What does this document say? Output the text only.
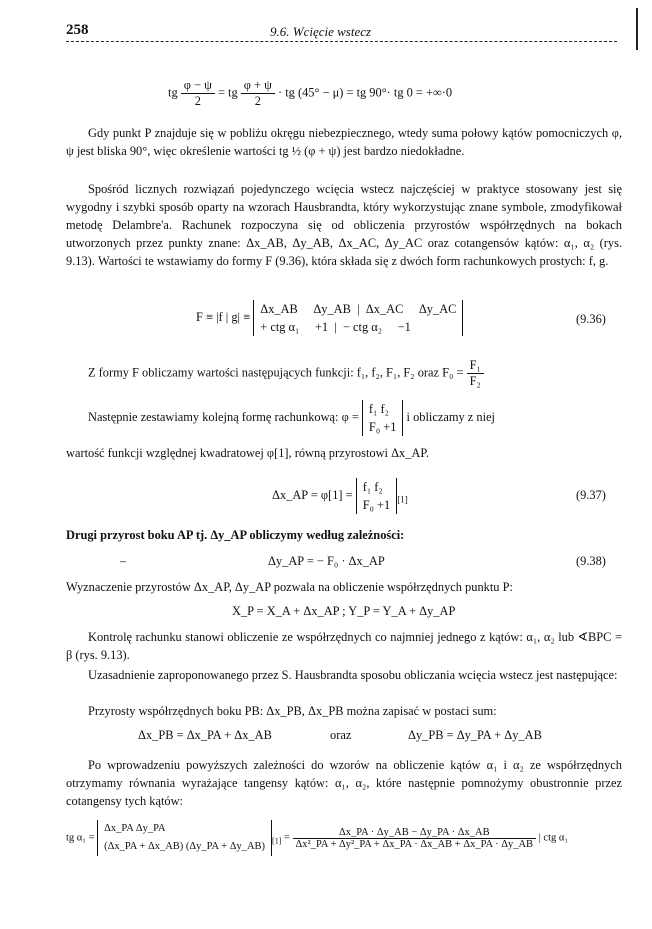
258	9.6. Wcięcie wstecz
tg $\frac{\varphi - \psi}{2}$ = tg $\frac{\varphi + \psi}{2}$ · tg (45° − μ) = tg 90°· tg 0 = +∞·0

Gdy punkt P znajduje się w pobliżu okręgu niebezpiecznego, wtedy suma połowy kątów pomocniczych φ, ψ jest bliska 90°, więc określenie wartości tg ½ (φ + ψ) jest bardzo niedokładne.

Spośród licznych rozwiązań pojedynczego wcięcia wstecz najczęściej w praktyce stosowany jest się wygodny i szybki sposób oparty na wzorach Hausbrandta, który wykorzystując znane symbole, zmodyfikował metodę Delambre'a. Rachunek rozpoczyna się od obliczenia przyrostów współrzędnych na bokach utworzonych przez punkty znane: Δx_AB, Δy_AB, Δx_AC, Δy_AC oraz cotangensów kątów: α₁, α₂ (rys. 9.13). Wartości te wstawiamy do formy F (9.36), która składa się z dwóch form rachunkowych prostych: f, g.

F ≡ |f | g| ≡
Δx_AB Δy_AB  |  Δx_AC Δy_AC
+ ctg α₁ +1  |  − ctg α₂ −1
(9.36)
Z formy F obliczamy wartości następujących funkcji: f₁, f₂, F₁, F₂ oraz $F_0 = \frac{\text{F₁}}{\text{F₂}}$
Następnie zestawiamy kolejną formę rachunkową: φ =
f₁ f₂
F₀ +1
i obliczamy z niej
wartość funkcji względnej kwadratowej φ[1], równą przyrostowi Δx_AP.
Δx_AP = φ[1] =
f₁ f₂
F₀ +1 $_{[1]}$	(9.37)
Drugi przyrost boku AP tj. Δy_AP obliczymy według zależności:
–	Δy_AP = − F₀ · Δx_AP	(9.38)
Wyznaczenie przyrostów Δx_AP, Δy_AP pozwala na obliczenie współrzędnych punktu P:
X_P = X_A + Δx_AP ; Y_P = Y_A + Δy_AP

Kontrolę rachunku stanowi obliczenie ze współrzędnych co najmniej jednego z kątów: α₁, α₂ lub ∢BPC = β (rys. 9.13).

Uzasadnienie zaproponowanego przez S. Hausbrandta sposobu obliczania wcięcia wstecz jest następujące:

Przyrosty współrzędnych boku PB: Δx_PB, Δx_PB można zapisać w postaci sum:
Δx_PB = Δx_PA + Δx_AB	oraz	Δy_PB = Δy_PA + Δy_AB

Po wprowadzeniu powyższych zależności do wzorów na obliczenie kątów α₁ i α₂ ze współrzędnych otrzymamy równania wyrażające tangensy kątów: α₁, α₂, które następnie pomnożymy obustronnie przez cotangensy tych kątów:

tg α₁ =
Δx_PA Δy_PA
(Δx_PA + Δx_AB) (Δy_PA + Δy_AB) $_{[1]} = \frac{\Delta x\_PA \cdot \Delta y\_AB - \Delta y\_PA \cdot \Delta x\_AB}{\text{Δx²\_PA + Δy²\_PA + Δx\_PA · Δx\_AB + Δx\_PA · Δy\_AB}}$ | ctg α₁
